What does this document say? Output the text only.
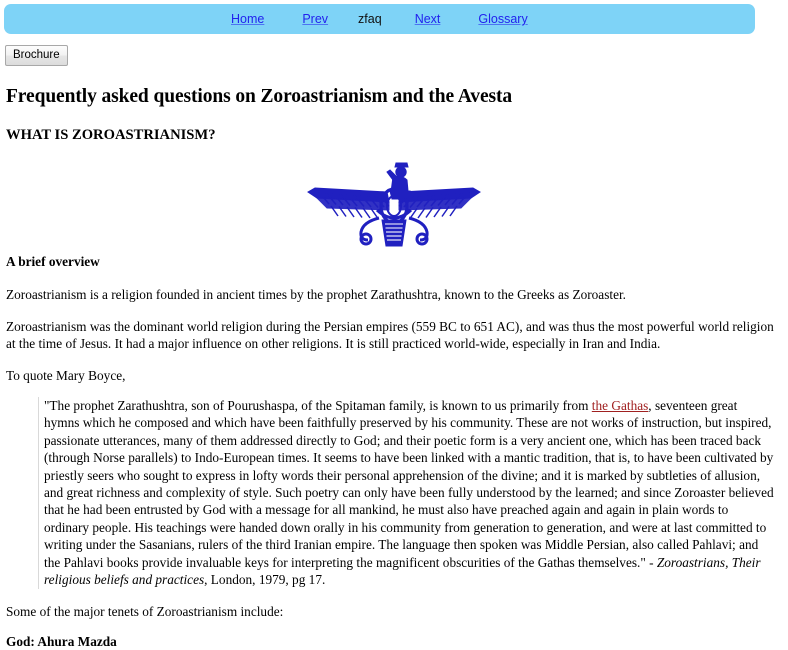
Home	Prev zfaq	Next	Glossary
Brochure
Frequently asked questions on Zoroastrianism and the Avesta
WHAT IS ZOROASTRIANISM?
A brief overview

Zoroastrianism is a religion founded in ancient times by the prophet Zarathushtra, known to the Greeks as Zoroaster.

Zoroastrianism was the dominant world religion during the Persian empires (559 BC to 651 AC), and was thus the most powerful world religion at the time of Jesus. It had a major influence on other religions. It is still practiced world-wide, especially in Iran and India.

To quote Mary Boyce,

"The prophet Zarathushtra, son of Pourushaspa, of the Spitaman family, is known to us primarily from the Gathas, seventeen great hymns which he composed and which have been faithfully preserved by his community. These are not works of instruction, but inspired, passionate utterances, many of them addressed directly to God; and their poetic form is a very ancient one, which has been traced back (through Norse parallels) to Indo-European times. It seems to have been linked with a mantic tradition, that is, to have been cultivated by priestly seers who sought to express in lofty words their personal apprehension of the divine; and it is marked by subtleties of allusion, and great richness and complexity of style. Such poetry can only have been fully understood by the learned; and since Zoroaster believed that he had been entrusted by God with a message for all mankind, he must also have preached again and again in plain words to ordinary people. His teachings were handed down orally in his community from generation to generation, and were at last committed to writing under the Sasanians, rulers of the third Iranian empire. The language then spoken was Middle Persian, also called Pahlavi; and the Pahlavi books provide invaluable keys for interpreting the magnificent obscurities of the Gathas themselves." - Zoroastrians, Their religious beliefs and practices, London, 1979, pg 17.

Some of the major tenets of Zoroastrianism include:

God: Ahura Mazda
